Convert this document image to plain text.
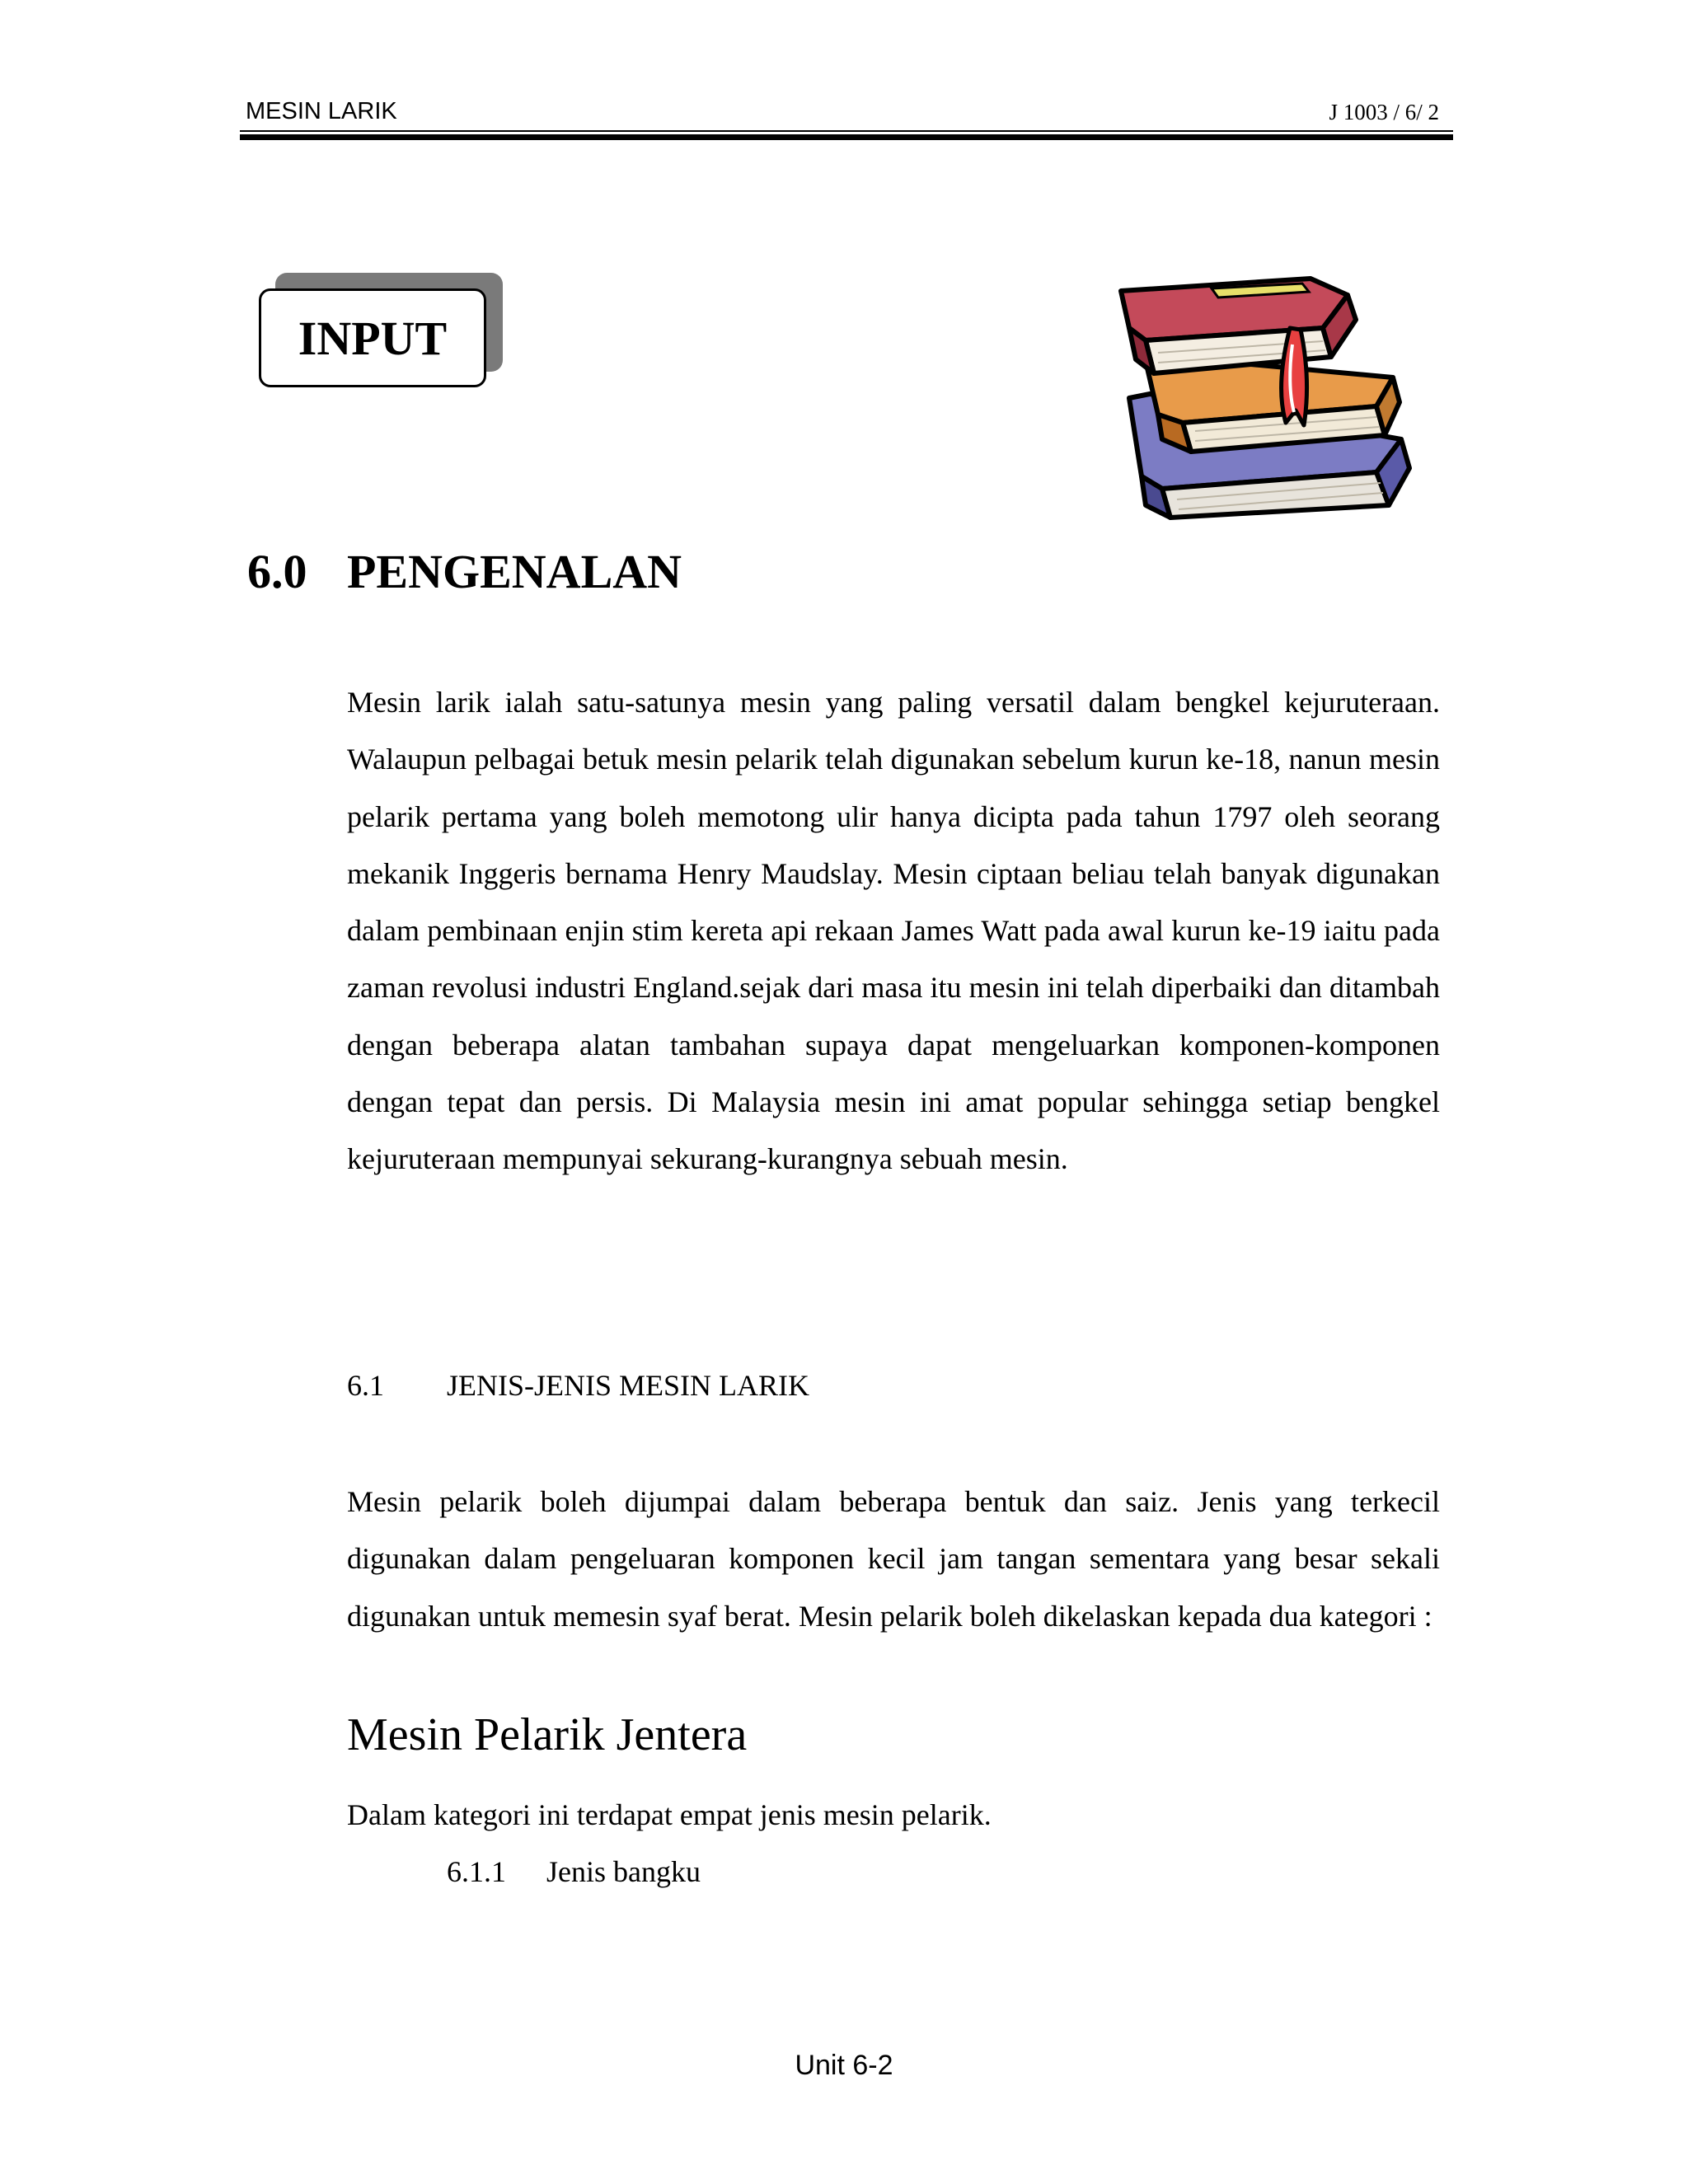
MESIN LARIK	J 1003 / 6/ 2
INPUT
6.0 PENGENALAN

Mesin larik ialah satu-satunya mesin yang paling versatil dalam bengkel kejuruteraan. Walaupun pelbagai betuk mesin pelarik telah digunakan sebelum kurun ke-18, nanun mesin pelarik pertama yang boleh memotong ulir hanya dicipta pada tahun 1797 oleh seorang mekanik Inggeris bernama Henry Maudslay. Mesin ciptaan beliau telah banyak digunakan dalam pembinaan enjin stim kereta api rekaan James Watt pada awal kurun ke-19 iaitu pada zaman revolusi industri England.sejak dari masa itu mesin ini telah diperbaiki dan ditambah dengan beberapa alatan tambahan supaya dapat mengeluarkan komponen-komponen dengan tepat dan persis. Di Malaysia mesin ini amat popular sehingga setiap bengkel kejuruteraan mempunyai sekurang-kurangnya sebuah mesin.

6.1 JENIS-JENIS MESIN LARIK

Mesin pelarik boleh dijumpai dalam beberapa bentuk dan saiz. Jenis yang terkecil digunakan dalam pengeluaran komponen kecil jam tangan sementara yang besar sekali digunakan untuk memesin syaf berat. Mesin pelarik boleh dikelaskan kepada dua kategori :

Mesin Pelarik Jentera
Dalam kategori ini terdapat empat jenis mesin pelarik.
6.1.1 Jenis bangku
Unit 6-2
